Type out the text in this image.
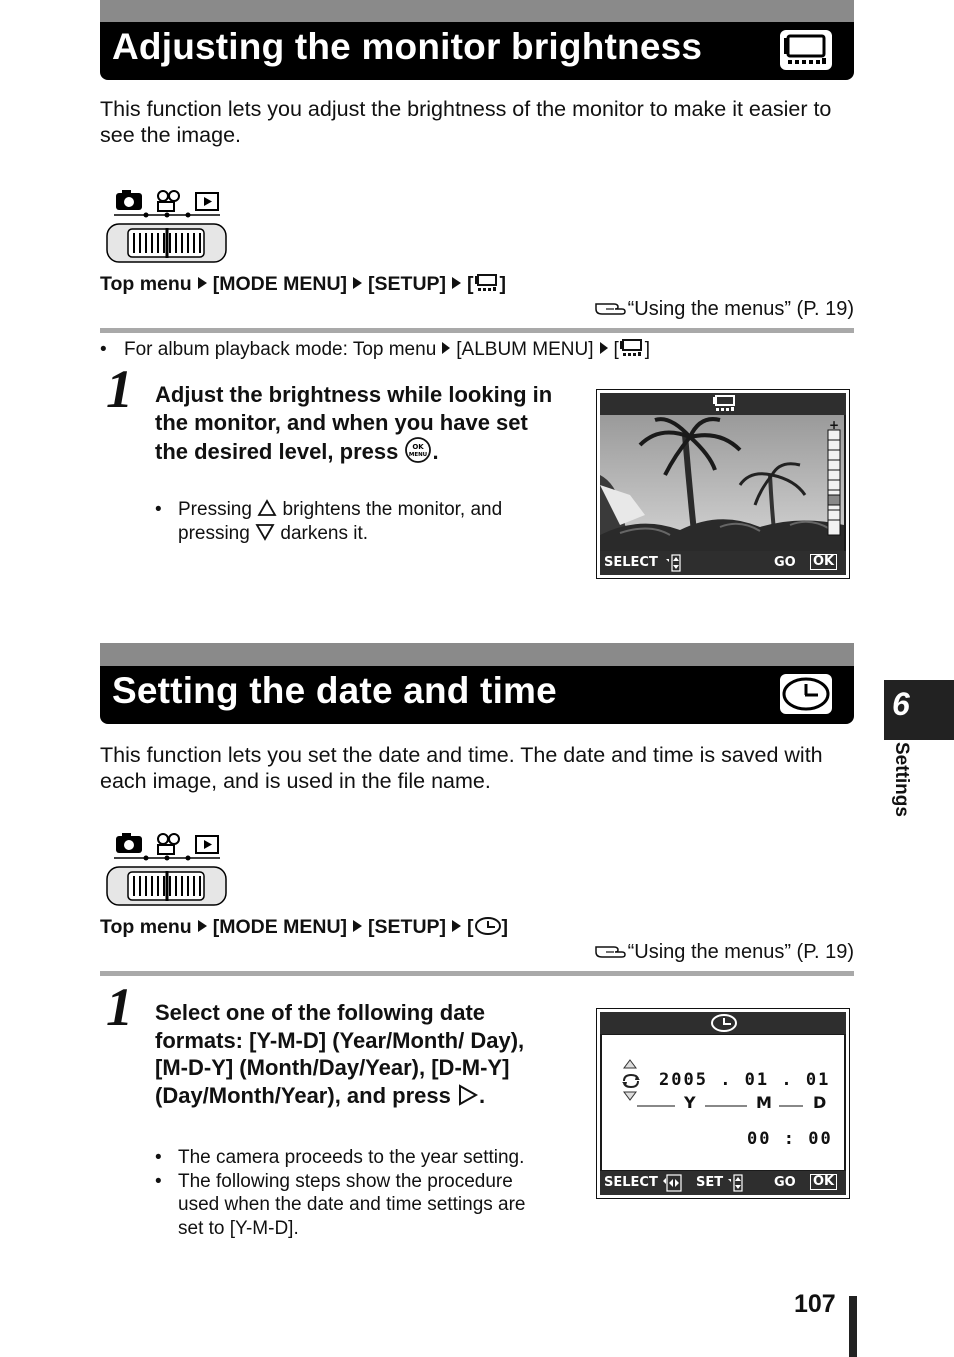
Adjusting the monitor brightness
This function lets you adjust the brightness of the monitor to make it easier to see the image.
Top menu [MODE MENU] [SETUP] [ ]
“Using the menus” (P. 19)
• For album playback mode: Top menu [ALBUM MENU] [ ]
1 Adjust the brightness while looking in the monitor, and when you have set the desired level, press OK
MENU .
• Pressing brightens the monitor, and pressing darkens it.
+
SELECT	GO OK
Setting the date and time
This function lets you set the date and time. The date and time is saved with each image, and is used in the file name.
Top menu [MODE MENU] [SETUP] [ ]
“Using the menus” (P. 19)
1 Select one of the following date formats: [Y-M-D] (Year/Month/ Day), [M-D-Y] (Month/Day/Year), [D-M-Y] (Day/Month/Year), and press .
• The camera proceeds to the year setting.
• The following steps show the procedure used when the date and time settings are set to [Y-M-D].
2005 . 01 . 01
Y	M	D
00 : 00
SELECT	SET	GO OK
6
Settings
107
